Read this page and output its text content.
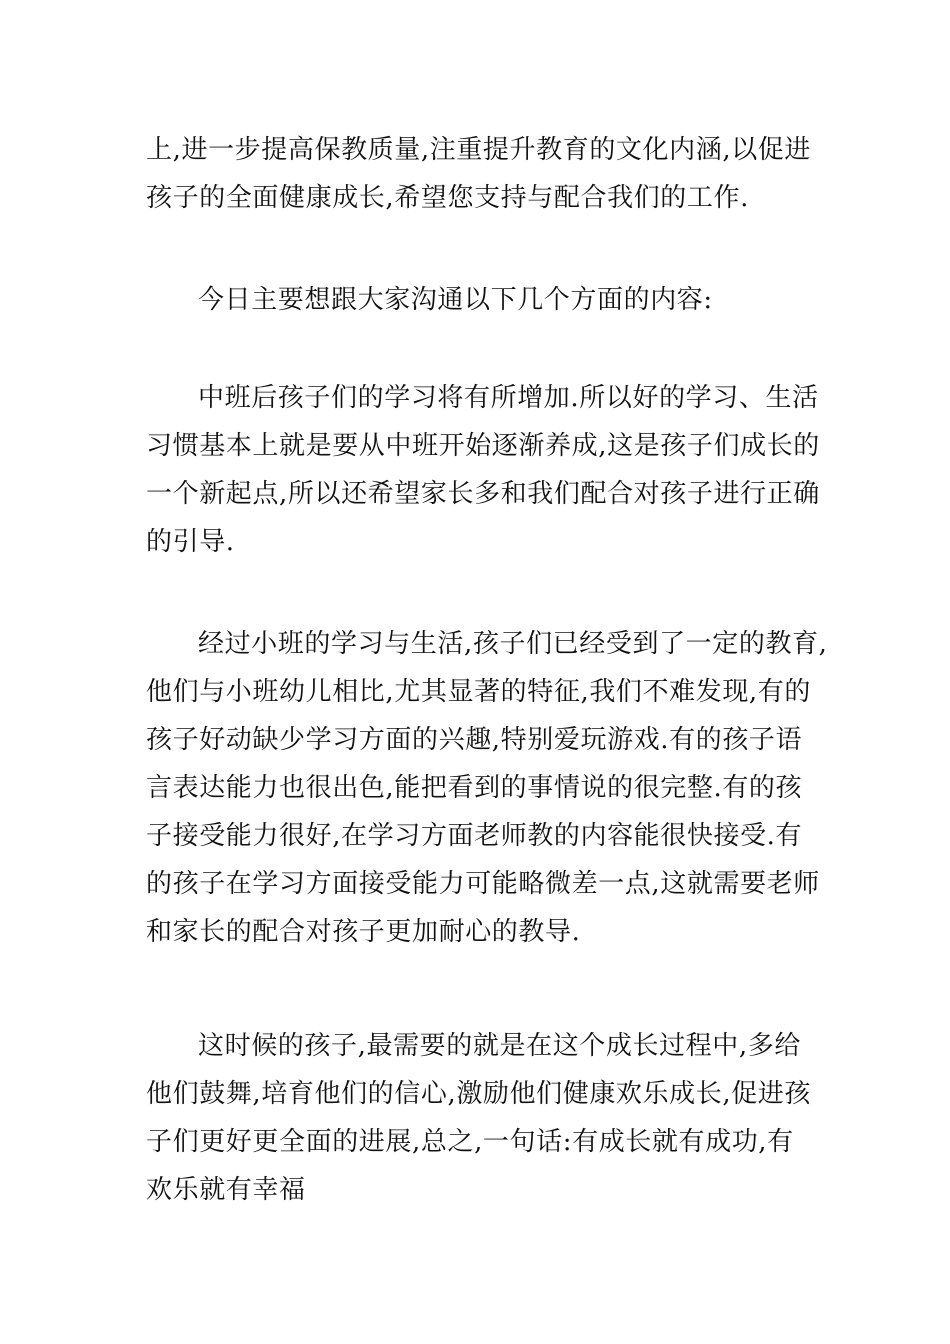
上,进一步提高保教质量,注重提升教育的文化内涵,以促进
孩子的全面健康成长,希望您支持与配合我们的工作.
今日主要想跟大家沟通以下几个方面的内容:
中班后孩子们的学习将有所增加.所以好的学习、生活
习惯基本上就是要从中班开始逐渐养成,这是孩子们成长的
一个新起点,所以还希望家长多和我们配合对孩子进行正确
的引导.
经过小班的学习与生活,孩子们已经受到了一定的教育,
他们与小班幼儿相比,尤其显著的特征,我们不难发现,有的
孩子好动缺少学习方面的兴趣,特别爱玩游戏.有的孩子语
言表达能力也很出色,能把看到的事情说的很完整.有的孩
子接受能力很好,在学习方面老师教的内容能很快接受.有
的孩子在学习方面接受能力可能略微差一点,这就需要老师
和家长的配合对孩子更加耐心的教导.
这时候的孩子,最需要的就是在这个成长过程中,多给
他们鼓舞,培育他们的信心,激励他们健康欢乐成长,促进孩
子们更好更全面的进展,总之,一句话:有成长就有成功,有
欢乐就有幸福
